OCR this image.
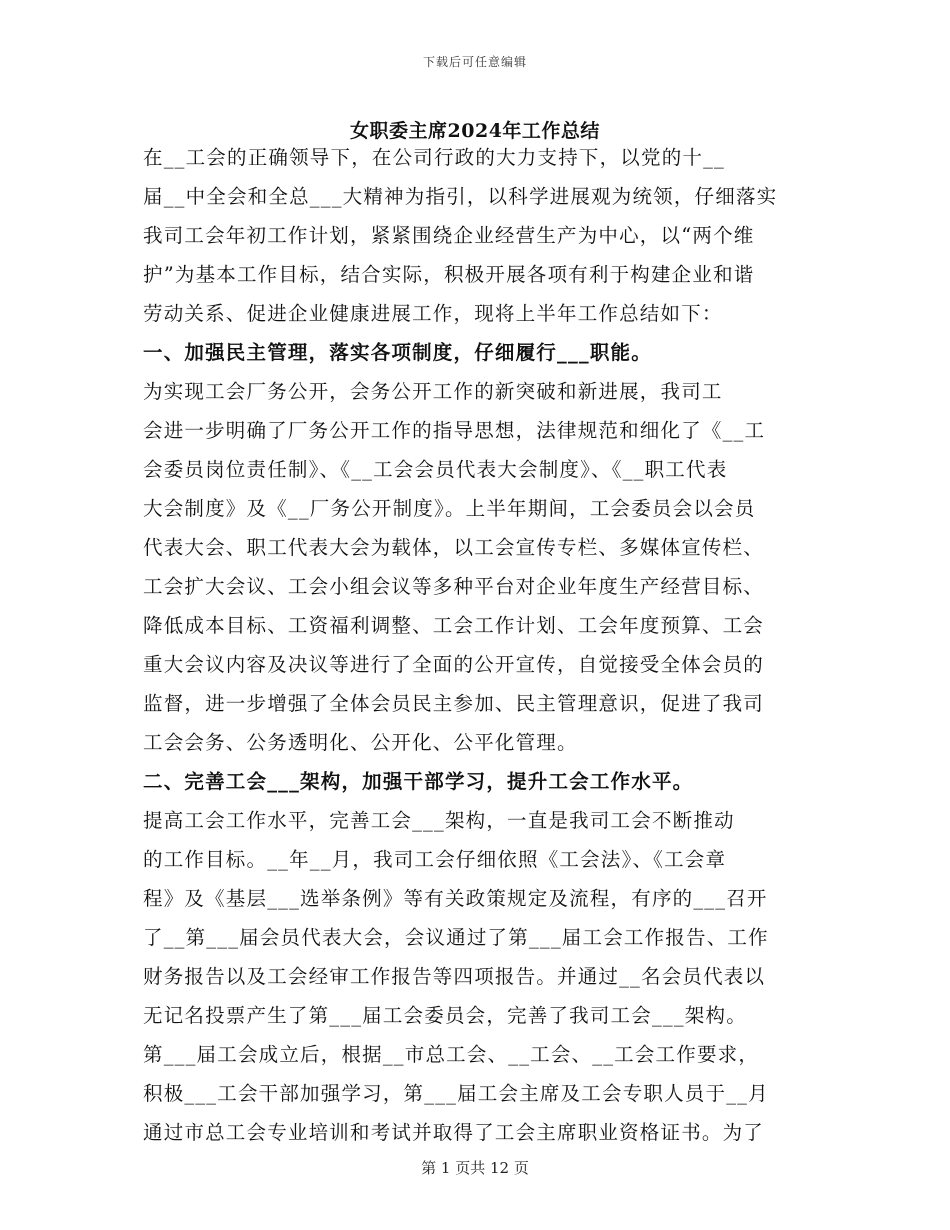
下载后可任意编辑
女职委主席2024年工作总结
在__工会的正确领导下，在公司行政的大力支持下，以党的十__
届__中全会和全总___大精神为指引，以科学进展观为统领，仔细落实
我司工会年初工作计划，紧紧围绕企业经营生产为中心，以“两个维
护”为基本工作目标，结合实际，积极开展各项有利于构建企业和谐
劳动关系、促进企业健康进展工作，现将上半年工作总结如下：
一、加强民主管理，落实各项制度，仔细履行___职能。
为实现工会厂务公开，会务公开工作的新突破和新进展，我司工
会进一步明确了厂务公开工作的指导思想，法律规范和细化了《__工
会委员岗位责任制》、《__工会会员代表大会制度》、《__职工代表
大会制度》及《__厂务公开制度》。上半年期间，工会委员会以会员
代表大会、职工代表大会为载体，以工会宣传专栏、多媒体宣传栏、
工会扩大会议、工会小组会议等多种平台对企业年度生产经营目标、
降低成本目标、工资福利调整、工会工作计划、工会年度预算、工会
重大会议内容及决议等进行了全面的公开宣传，自觉接受全体会员的
监督，进一步增强了全体会员民主参加、民主管理意识，促进了我司
工会会务、公务透明化、公开化、公平化管理。
二、完善工会___架构，加强干部学习，提升工会工作水平。
提高工会工作水平，完善工会___架构，一直是我司工会不断推动
的工作目标。__年__月，我司工会仔细依照《工会法》、《工会章
程》及《基层___选举条例》等有关政策规定及流程，有序的___召开
了__第___届会员代表大会，会议通过了第___届工会工作报告、工作
财务报告以及工会经审工作报告等四项报告。并通过__名会员代表以
无记名投票产生了第___届工会委员会，完善了我司工会___架构。
第___届工会成立后，根据__市总工会、__工会、__工会工作要求，
积极___工会干部加强学习，第___届工会主席及工会专职人员于__月
通过市总工会专业培训和考试并取得了工会主席职业资格证书。为了
第 1 页共 12 页
